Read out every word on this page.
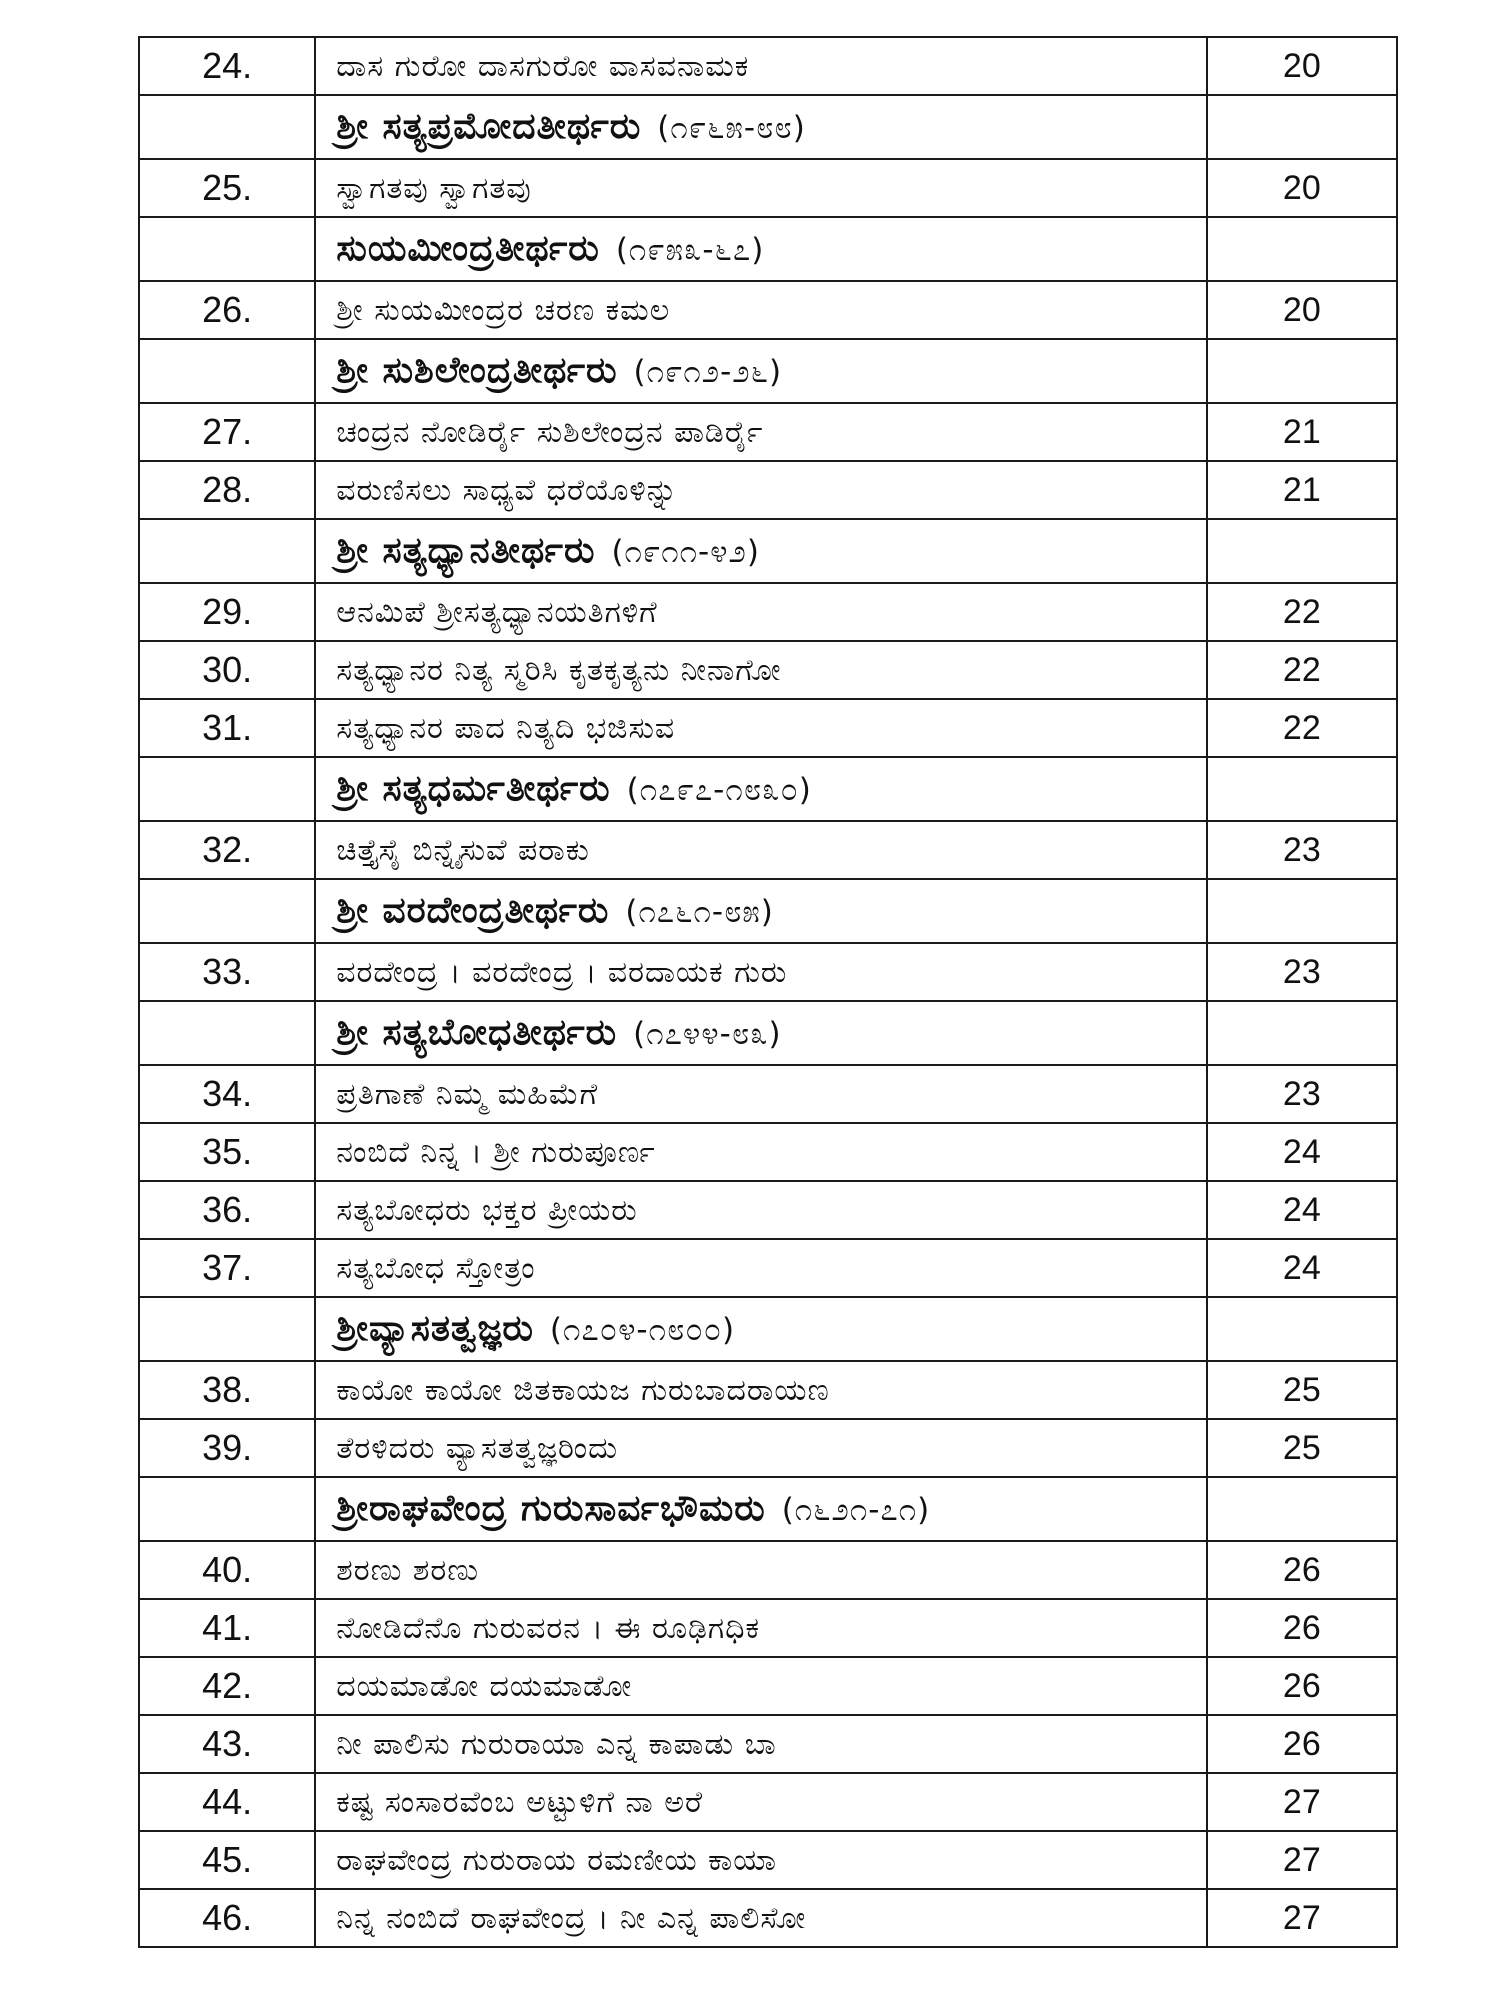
24.	ದಾಸ ಗುರೋ ದಾಸಗುರೋ ವಾಸವನಾಮಕ	20
	ಶ್ರೀ ಸತ್ಯಪ್ರಮೋದತೀರ್ಥರು (೧೯೬೫-೮೮)	
25.	ಸ್ವಾಗತವು ಸ್ವಾಗತವು	20
	ಸುಯಮೀಂದ್ರತೀರ್ಥರು (೧೯೫೩-೬೭)	
26.	ಶ್ರೀ ಸುಯಮೀಂದ್ರರ ಚರಣ ಕಮಲ	20
	ಶ್ರೀ ಸುಶಿಲೇಂದ್ರತೀರ್ಥರು (೧೯೧೨-೨೬)	
27.	ಚಂದ್ರನ ನೋಡಿರ್ರೈ ಸುಶಿಲೇಂದ್ರನ ಪಾಡಿರ್ರೈ	21
28.	ವರುಣಿಸಲು ಸಾಧ್ಯವೆ ಧರೆಯೊಳಿನ್ನು	21
	ಶ್ರೀ ಸತ್ಯಧ್ಯಾನತೀರ್ಥರು (೧೯೧೧-೪೨)	
29.	ಆನಮಿಪೆ ಶ್ರೀಸತ್ಯಧ್ಯಾನಯತಿಗಳಿಗೆ	22
30.	ಸತ್ಯಧ್ಯಾನರ ನಿತ್ಯ ಸ್ಮರಿಸಿ ಕೃತಕೃತ್ಯನು ನೀನಾಗೋ	22
31.	ಸತ್ಯಧ್ಯಾನರ ಪಾದ ನಿತ್ಯದಿ ಭಜಿಸುವ	22
	ಶ್ರೀ ಸತ್ಯಧರ್ಮತೀರ್ಥರು (೧೭೯೭-೧೮೩೦)	
32.	ಚಿತ್ತೈಸೈ ಬಿನ್ನೈಸುವೆ ಪರಾಕು	23
	ಶ್ರೀ ವರದೇಂದ್ರತೀರ್ಥರು (೧೭೬೧-೮೫)	
33.	ವರದೇಂದ್ರ । ವರದೇಂದ್ರ । ವರದಾಯಕ ಗುರು	23
	ಶ್ರೀ ಸತ್ಯಬೋಧತೀರ್ಥರು (೧೭೪೪-೮೩)	
34.	ಪ್ರತಿಗಾಣೆ ನಿಮ್ಮ ಮಹಿಮೆಗೆ	23
35.	ನಂಬಿದೆ ನಿನ್ನ । ಶ್ರೀ ಗುರುಪೂರ್ಣ	24
36.	ಸತ್ಯಬೋಧರು ಭಕ್ತರ ಪ್ರೀಯರು	24
37.	ಸತ್ಯಬೋಧ ಸ್ತೋತ್ರಂ	24
	ಶ್ರೀವ್ಯಾಸತತ್ವಜ್ಞರು (೧೭೦೪-೧೮೦೦)	
38.	ಕಾಯೋ ಕಾಯೋ ಜಿತಕಾಯಜ ಗುರುಬಾದರಾಯಣ	25
39.	ತೆರಳಿದರು ವ್ಯಾಸತತ್ವಜ್ಞರಿಂದು	25
	ಶ್ರೀರಾಘವೇಂದ್ರ ಗುರುಸಾರ್ವಭೌಮರು (೧೬೨೧-೭೧)	
40.	ಶರಣು ಶರಣು	26
41.	ನೋಡಿದೆನೊ ಗುರುವರನ । ಈ ರೂಢಿಗಧಿಕ	26
42.	ದಯಮಾಡೋ ದಯಮಾಡೋ	26
43.	ನೀ ಪಾಲಿಸು ಗುರುರಾಯಾ ಎನ್ನ ಕಾಪಾಡು ಬಾ	26
44.	ಕಷ್ಟ ಸಂಸಾರವೆಂಬ ಅಟ್ಟುಳಿಗೆ ನಾ ಅರೆ	27
45.	ರಾಘವೇಂದ್ರ ಗುರುರಾಯ ರಮಣೀಯ ಕಾಯಾ	27
46.	ನಿನ್ನ ನಂಬಿದೆ ರಾಘವೇಂದ್ರ । ನೀ ಎನ್ನ ಪಾಲಿಸೋ	27
